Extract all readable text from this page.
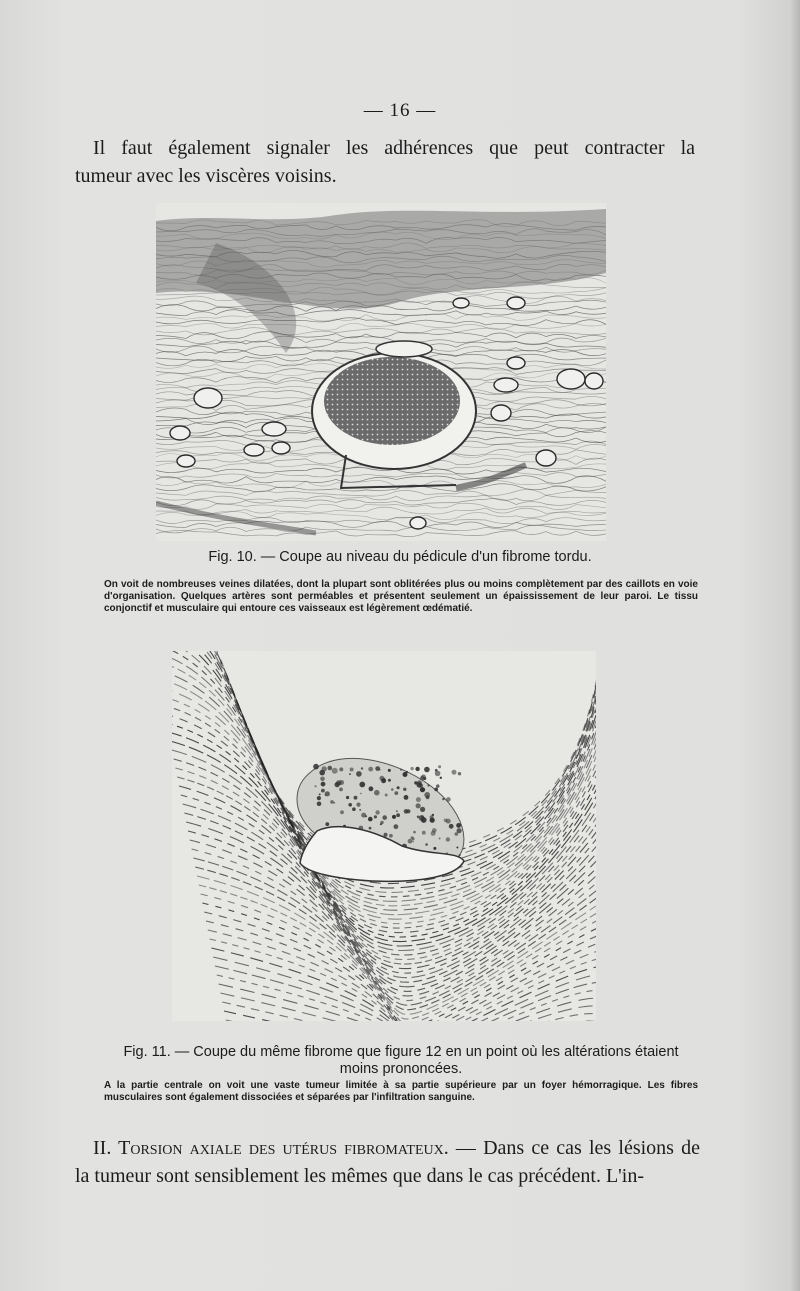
— 16 —
Il faut également signaler les adhérences que peut contracter la
tumeur avec les viscères voisins.
Fig. 10. — Coupe au niveau du pédicule d'un fibrome tordu.
On voit de nombreuses veines dilatées, dont la plupart sont oblitérées plus ou moins complètement par des caillots en voie d'organisation. Quelques artères sont perméables et présentent seulement un épaississement de leur paroi. Le tissu conjonctif et musculaire qui entoure ces vaisseaux est légèrement œdématié.
Fig. 11. — Coupe du même fibrome que figure 12 en un point où les altérations étaient moins prononcées.
A la partie centrale on voit une vaste tumeur limitée à sa partie supérieure par un foyer hémorragique. Les fibres musculaires sont également dissociées et séparées par l'infiltration sanguine.
II. Torsion axiale des utérus fibromateux. — Dans ce cas les lésions de
la tumeur sont sensiblement les mêmes que dans le cas précédent. L'in-
